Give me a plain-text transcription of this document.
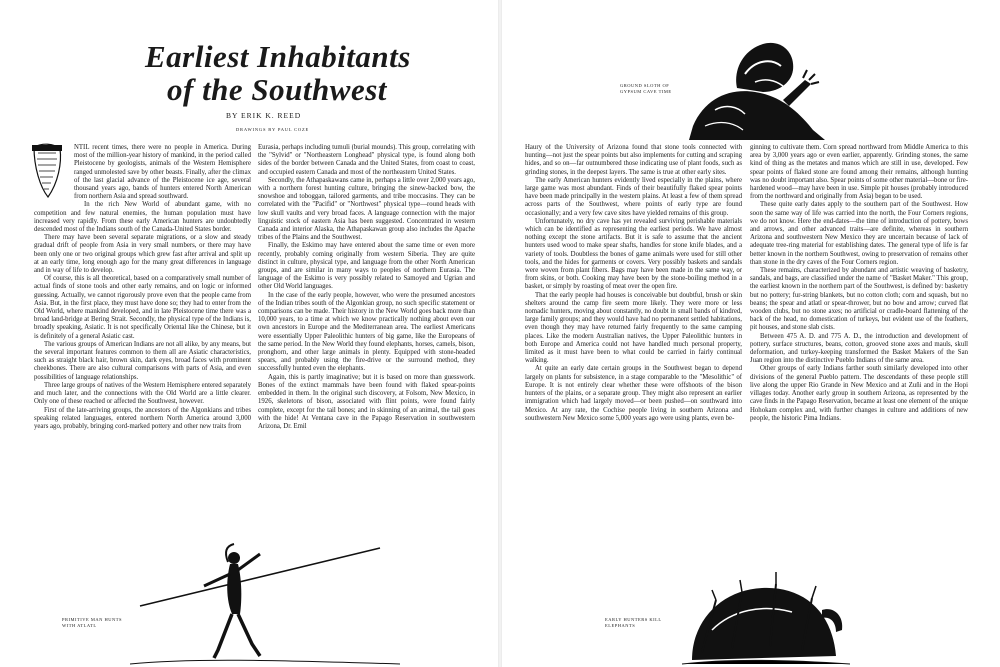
Earliest Inhabitants
of the Southwest
BY ERIK K. REED
DRAWINGS BY PAUL COZE
GROUND SLOTH OF GYPSUM CAVE TIME

NTIL recent times, there were no people in America. During most of the million-year history of mankind, in the period called Pleistocene by geologists, animals of the Western Hemisphere ranged unmolested save by other beasts. Finally, after the climax of the last glacial advance of the Pleistocene ice age, several thousand years ago, bands of hunters entered North American from northern Asia and spread southward.

In the rich New World of abundant game, with no competition and few natural enemies, the human population must have increased very rapidly. From these early American hunters are undoubtedly descended most of the Indians south of the Canada-United States border.

There may have been several separate migrations, or a slow and steady gradual drift of people from Asia in very small numbers, or there may have been only one or two original groups which grew fast after arrival and split up at an early time, long enough ago for the many great differences in language and in way of life to develop.

Of course, this is all theoretical, based on a comparatively small number of actual finds of stone tools and other early remains, and on logic or informed guessing. Actually, we cannot rigorously prove even that the people came from Asia. But, in the first place, they must have done so; they had to enter from the Old World, where mankind developed, and in late Pleistocene time there was a broad land-bridge at Bering Strait. Secondly, the physical type of the Indians is, broadly speaking, Asiatic. It is not specifically Oriental like the Chinese, but it is definitely of a general Asiatic cast.

The various groups of American Indians are not all alike, by any means, but the several important features common to them all are Asiatic characteristics, such as straight black hair, brown skin, dark eyes, broad faces with prominent cheekbones. There are also cultural comparisons with parts of Asia, and even possibilities of language relationships.

Three large groups of natives of the Western Hemisphere entered separately and much later, and the connections with the Old World are a little clearer. Only one of these reached or affected the Southwest, however.

First of the late-arriving groups, the ancestors of the Algonkians and tribes speaking related languages, entered northern North America around 3,000 years ago, probably, bringing cord-marked pottery and other new traits from

Eurasia, perhaps including tumuli (burial mounds). This group, correlating with the "Sylvid" or "Northeastern Longhead" physical type, is found along both sides of the border between Canada and the United States, from coast to coast, and occupied eastern Canada and most of the northeastern United States.

Secondly, the Athapaskawans came in, perhaps a little over 2,000 years ago, with a northern forest hunting culture, bringing the sinew-backed bow, the snowshoe and toboggan, tailored garments, and tribe moccasins. They can be correlated with the "Pacifid" or "Northwest" physical type—round heads with low skull vaults and very broad faces. A language connection with the major linguistic stock of eastern Asia has been suggested. Concentrated in western Canada and interior Alaska, the Athapaskawan group also includes the Apache tribes of the Plains and the Southwest.

Finally, the Eskimo may have entered about the same time or even more recently, probably coming originally from western Siberia. They are quite distinct in culture, physical type, and language from the other North American groups, and are similar in many ways to peoples of northern Eurasia. The language of the Eskimo is very possibly related to Samoyed and Ugrian and other Old World languages.

In the case of the early people, however, who were the presumed ancestors of the Indian tribes south of the Algonkian group, no such specific statement or comparisons can be made. Their history in the New World goes back more than 10,000 years, to a time at which we know practically nothing about even our own ancestors in Europe and the Mediterranean area. The earliest Americans were essentially Upper Paleolithic hunters of big game, like the Europeans of the same period. In the New World they found elephants, horses, camels, bison, pronghorn, and other large animals in plenty. Equipped with stone-headed spears, and probably using the fire-drive or the surround method, they successfully hunted even the elephants.

Again, this is partly imaginative; but it is based on more than guesswork. Bones of the extinct mammals have been found with flaked spear-points embedded in them. In the original such discovery, at Folsom, New Mexico, in 1926, skeletons of bison, associated with flint points, were found fairly complete, except for the tail bones; and in skinning of an animal, the tail goes with the hide! At Ventana cave in the Papago Reservation in southwestern Arizona, Dr. Emil

PRIMITIVE MAN HUNTS WITH ATLATL

Haury of the University of Arizona found that stone tools connected with hunting—not just the spear points but also implements for cutting and scraping hides, and so on—far outnumbered those indicating use of plant foods, such as grinding stones, in the deepest layers. The same is true at other early sites.

The early American hunters evidently lived especially in the plains, where large game was most abundant. Finds of their beautifully flaked spear points have been made principally in the western plains. At least a few of them spread across parts of the Southwest, where points of early type are found occasionally; and a very few cave sites have yielded remains of this group.

Unfortunately, no dry cave has yet revealed surviving perishable materials which can be identified as representing the earliest periods. We have almost nothing except the stone artifacts. But it is safe to assume that the ancient hunters used wood to make spear shafts, handles for stone knife blades, and a variety of tools. Doubtless the bones of game animals were used for still other tools, and the hides for garments or covers. Very possibly baskets and sandals were woven from plant fibers. Bags may have been made in the same way, or from skins, or both. Cooking may have been by the stone-boiling method in a basket, or simply by roasting of meat over the open fire.

That the early people had houses is conceivable but doubtful, brush or skin shelters around the camp fire seem more likely. They were more or less nomadic hunters, moving about constantly, no doubt in small bands of kindred, large family groups; and they would have had no permanent settled habitations, even though they may have returned fairly frequently to the same camping places. Like the modern Australian natives, the Upper Paleolithic hunters in both Europe and America could not have handled much personal property, limited as it must have been to what could be carried in fairly continual walking.

At quite an early date certain groups in the Southwest began to depend largely on plants for subsistence, in a stage comparable to the "Mesolithic" of Europe. It is not entirely clear whether these were offshoots of the bison hunters of the plains, or a separate group. They might also represent an earlier immigration which had largely moved—or been pushed—on southward into Mexico. At any rate, the Cochise people living in southern Arizona and southwestern New Mexico some 5,000 years ago were using plants, even be-

ginning to cultivate them. Corn spread northward from Middle America to this area by 3,000 years ago or even earlier, apparently. Grinding stones, the same kind of thing as the metates and manos which are still in use, developed. Few spear points of flaked stone are found among their remains, although hunting was no doubt important also. Spear points of some other material—bone or fire-hardened wood—may have been in use. Simple pit houses (probably introduced from the northward and originally from Asia) began to be used.

These quite early dates apply to the southern part of the Southwest. How soon the same way of life was carried into the north, the Four Corners regions, we do not know. Here the end-dates—the time of introduction of pottery, bows and arrows, and other advanced traits—are definite, whereas in southern Arizona and southwestern New Mexico they are uncertain because of lack of adequate tree-ring material for establishing dates. The general type of life is far better known in the northern Southwest, owing to preservation of remains other than stone in the dry caves of the Four Corners region.

These remains, characterized by abundant and artistic weaving of basketry, sandals, and bags, are classified under the name of "Basket Maker." This group, the earliest known in the northern part of the Southwest, is defined by: basketry but no pottery; fur-string blankets, but no cotton cloth; corn and squash, but no beans; the spear and atlatl or spear-thrower, but no bow and arrow; curved flat wooden clubs, but no stone axes; no artificial or cradle-board flattening of the back of the head, no domestication of turkeys, but evident use of the feathers, pit houses, and stone slab cists.

Between 475 A. D. and 775 A. D., the introduction and development of pottery, surface structures, beans, cotton, grooved stone axes and mauls, skull deformation, and turkey-keeping transformed the Basket Makers of the San Juan region into the distinctive Pueblo Indians of the same area.

Other groups of early Indians farther south similarly developed into other divisions of the general Pueblo pattern. The descendants of these people still live along the upper Rio Grande in New Mexico and at Zuñi and in the Hopi villages today. Another early group in southern Arizona, as represented by the cave finds in the Papago Reservation, became at least one element of the unique Hohokam complex and, with further changes in culture and additions of new people, the historic Pima Indians.

EARLY HUNTERS KILL ELEPHANTS
